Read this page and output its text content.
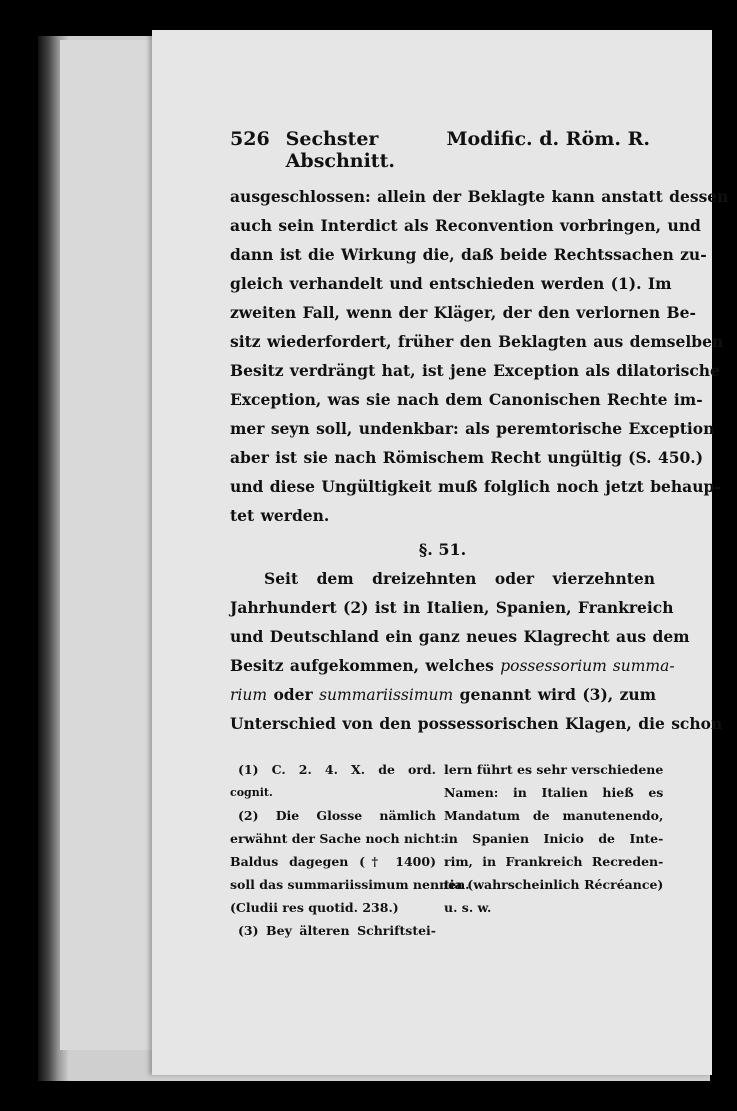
526 Sechster Abschnitt.
Modific. d. Röm. R.
ausgeschlossen: allein der Beklagte kann anstatt dessen
auch sein Interdict als Reconvention vorbringen, und
dann ist die Wirkung die, daß beide Rechtssachen zu-
gleich verhandelt und entschieden werden (1). Im
zweiten Fall, wenn der Kläger, der den verlornen Be-
sitz wiederfordert, früher den Beklagten aus demselben
Besitz verdrängt hat, ist jene Exception als dilatorische
Exception, was sie nach dem Canonischen Rechte im-
mer seyn soll, undenkbar: als peremtorische Exception
aber ist sie nach Römischem Recht ungültig (S. 450.)
und diese Ungültigkeit muß folglich noch jetzt behaup-
tet werden.
§. 51.
Seit dem dreizehnten oder vierzehnten
Jahrhundert (2) ist in Italien, Spanien, Frankreich
und Deutschland ein ganz neues Klagrecht aus dem
Besitz aufgekommen, welches possessorium summa-
rium oder summariissimum genannt wird (3), zum
Unterschied von den possessorischen Klagen, die schon
(1) C. 2. 4. X. de ord.
cognit.
(2) Die Glosse nämlich
erwähnt der Sache noch nicht:
Baldus dagegen († 1400)
soll das summariissimum nennen.
(Cludii res quotid. 238.)
(3) Bey älteren Schriftstei-
lern führt es sehr verschiedene
Namen: in Italien hieß es
Mandatum de manutenendo,
in Spanien Inicio de Inte-
rim, in Frankreich Recreden-
tia (wahrscheinlich Récréance)
u. s. w.
